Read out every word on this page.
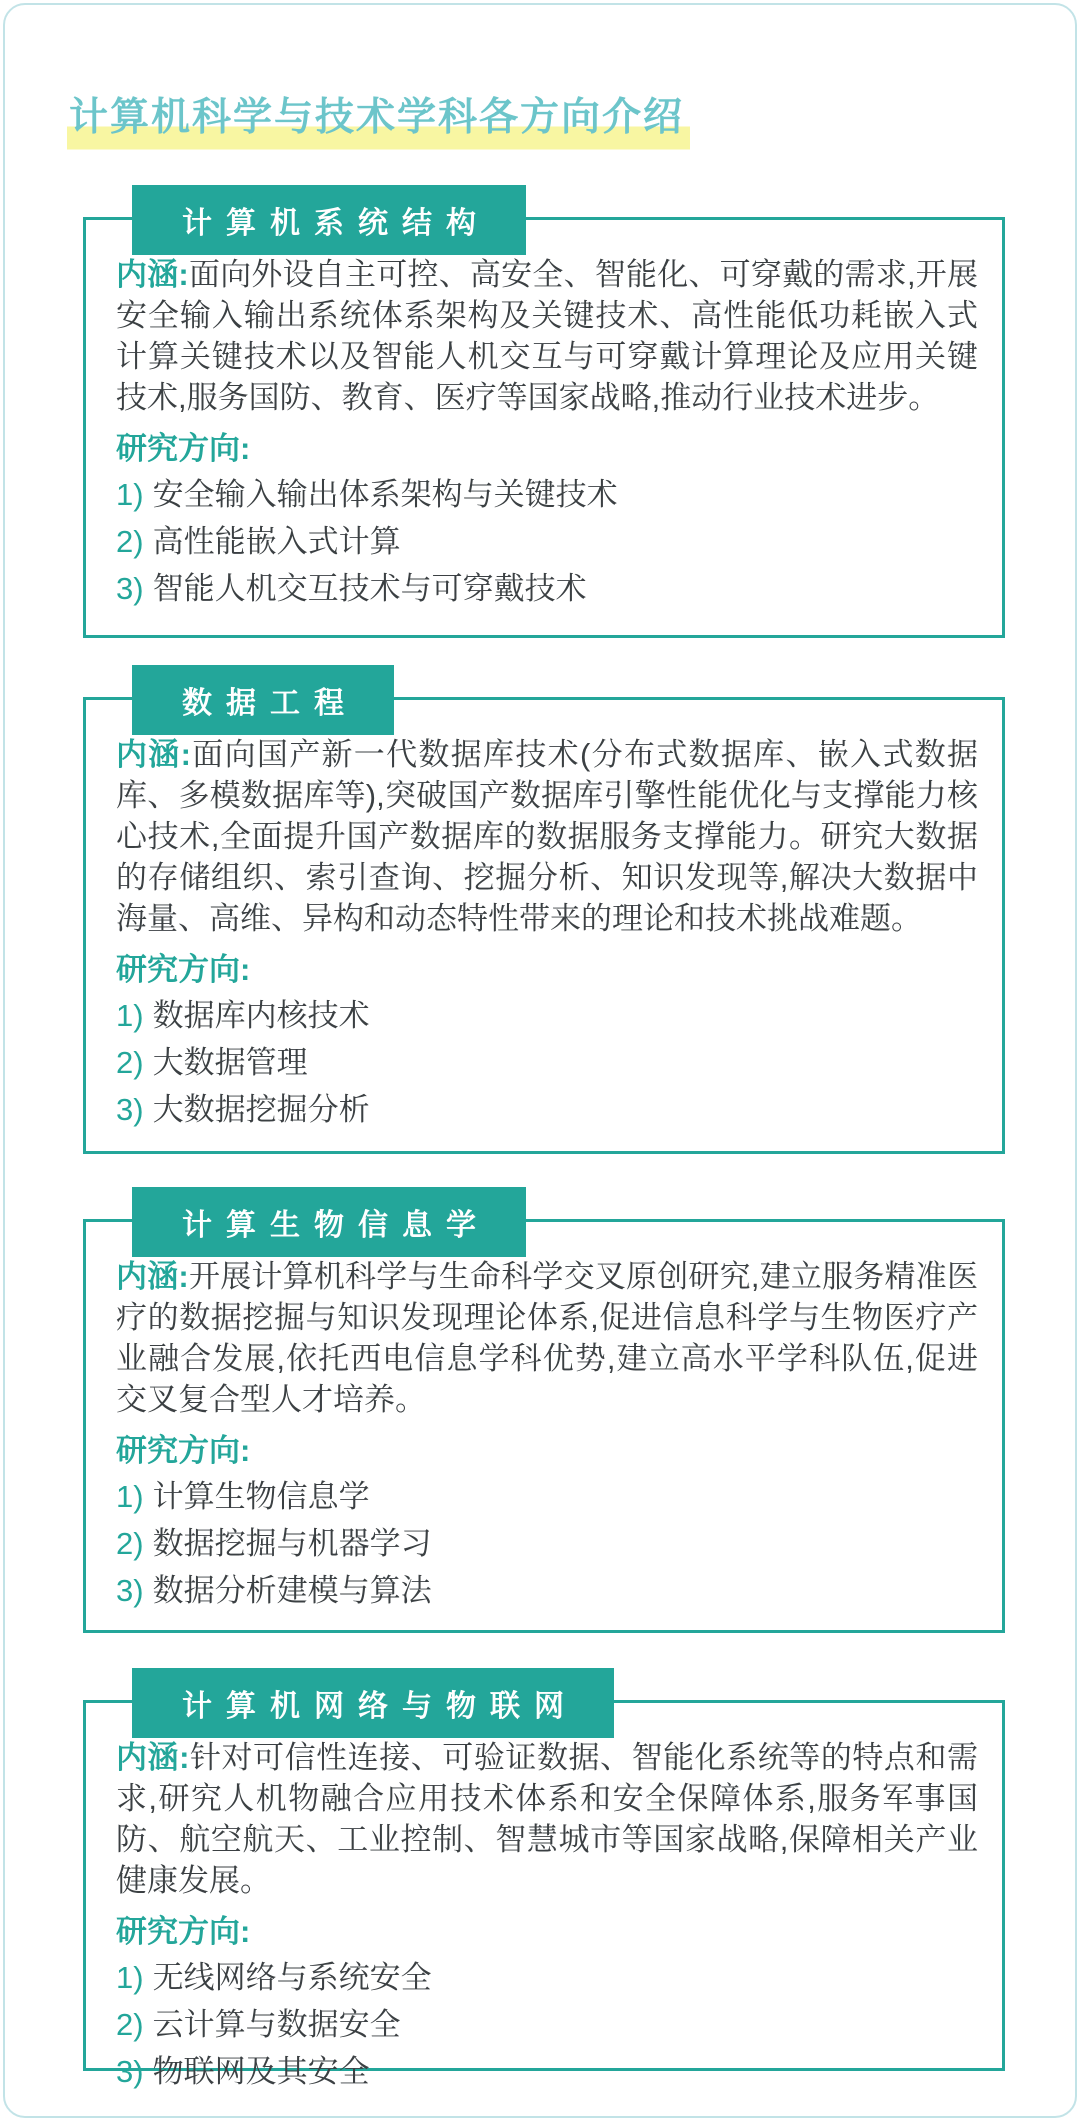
计算机科学与技术学科各方向介绍
计算机系统结构

内涵:面向外设自主可控、高安全、智能化、可穿戴的需求,开展安全输入输出系统体系架构及关键技术、高性能低功耗嵌入式计算关键技术以及智能人机交互与可穿戴计算理论及应用关键技术,服务国防、教育、医疗等国家战略,推动行业技术进步。

研究方向:
1) 安全输入输出体系架构与关键技术
2) 高性能嵌入式计算
3) 智能人机交互技术与可穿戴技术
数据工程

内涵:面向国产新一代数据库技术(分布式数据库、嵌入式数据库、多模数据库等),突破国产数据库引擎性能优化与支撑能力核心技术,全面提升国产数据库的数据服务支撑能力。研究大数据的存储组织、索引查询、挖掘分析、知识发现等,解决大数据中海量、高维、异构和动态特性带来的理论和技术挑战难题。

研究方向:
1) 数据库内核技术
2) 大数据管理
3) 大数据挖掘分析
计算生物信息学

内涵:开展计算机科学与生命科学交叉原创研究,建立服务精准医疗的数据挖掘与知识发现理论体系,促进信息科学与生物医疗产业融合发展,依托西电信息学科优势,建立高水平学科队伍,促进交叉复合型人才培养。

研究方向:
1) 计算生物信息学
2) 数据挖掘与机器学习
3) 数据分析建模与算法
计算机网络与物联网

内涵:针对可信性连接、可验证数据、智能化系统等的特点和需求,研究人机物融合应用技术体系和安全保障体系,服务军事国防、航空航天、工业控制、智慧城市等国家战略,保障相关产业健康发展。

研究方向:
1) 无线网络与系统安全
2) 云计算与数据安全
3) 物联网及其安全
